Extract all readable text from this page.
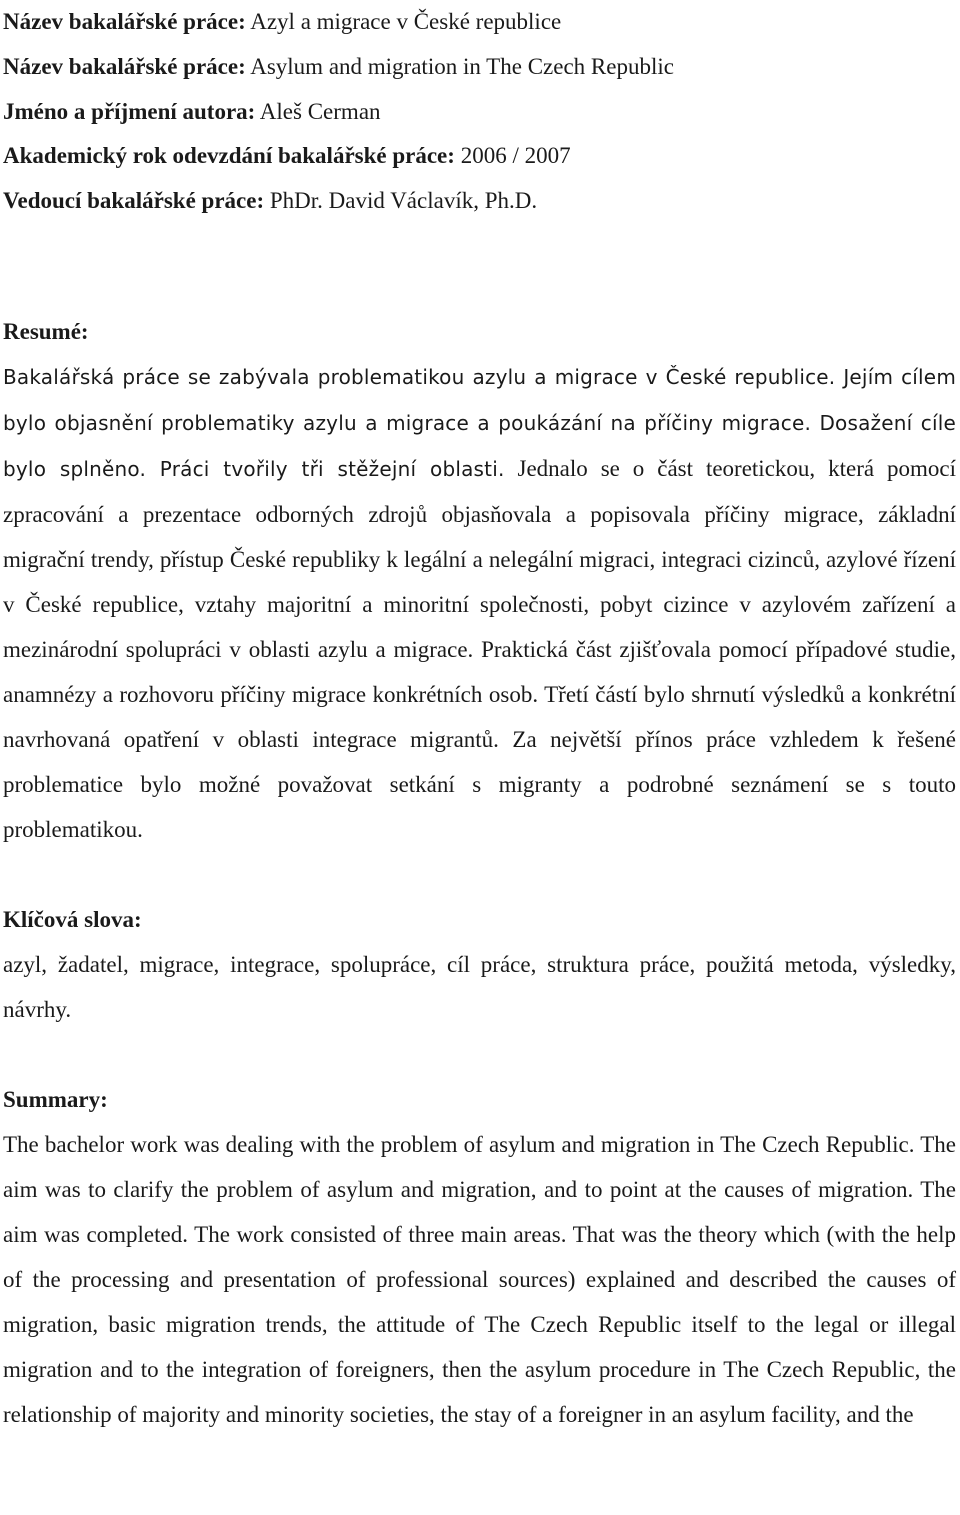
Název bakalářské práce: Azyl a migrace v České republice
Název bakalářské práce: Asylum and migration in The Czech Republic
Jméno a příjmení autora: Aleš Cerman
Akademický rok odevzdání bakalářské práce: 2006 / 2007
Vedoucí bakalářské práce: PhDr. David Václavík, Ph.D.
Resumé:

Bakalářská práce se zabývala problematikou azylu a migrace v České republice. Jejím cílem bylo objasnění problematiky azylu a migrace a poukázání na příčiny migrace. Dosažení cíle bylo splněno. Práci tvořily tři stěžejní oblasti. Jednalo se o část teoretickou, která pomocí zpracování a prezentace odborných zdrojů objasňovala a popisovala příčiny migrace, základní migrační trendy, přístup České republiky k legální a nelegální migraci, integraci cizinců, azylové řízení v České republice, vztahy majoritní a minoritní společnosti, pobyt cizince v azylovém zařízení a mezinárodní spolupráci v oblasti azylu a migrace. Praktická část zjišťovala pomocí případové studie, anamnézy a rozhovoru příčiny migrace konkrétních osob. Třetí částí bylo shrnutí výsledků a konkrétní navrhovaná opatření v oblasti integrace migrantů. Za největší přínos práce vzhledem k řešené problematice bylo možné považovat setkání s migranty a podrobné seznámení se s touto problematikou.

Klíčová slova:

azyl, žadatel, migrace, integrace, spolupráce, cíl práce, struktura práce, použitá metoda, výsledky, návrhy.

Summary:

The bachelor work was dealing with the problem of asylum and migration in The Czech Republic. The aim was to clarify the problem of asylum and migration, and to point at the causes of migration. The aim was completed. The work consisted of three main areas. That was the theory which (with the help of the processing and presentation of professional sources) explained and described the causes of migration, basic migration trends, the attitude of The Czech Republic itself to the legal or illegal migration and to the integration of foreigners, then the asylum procedure in The Czech Republic, the relationship of majority and minority societies, the stay of a foreigner in an asylum facility, and the
